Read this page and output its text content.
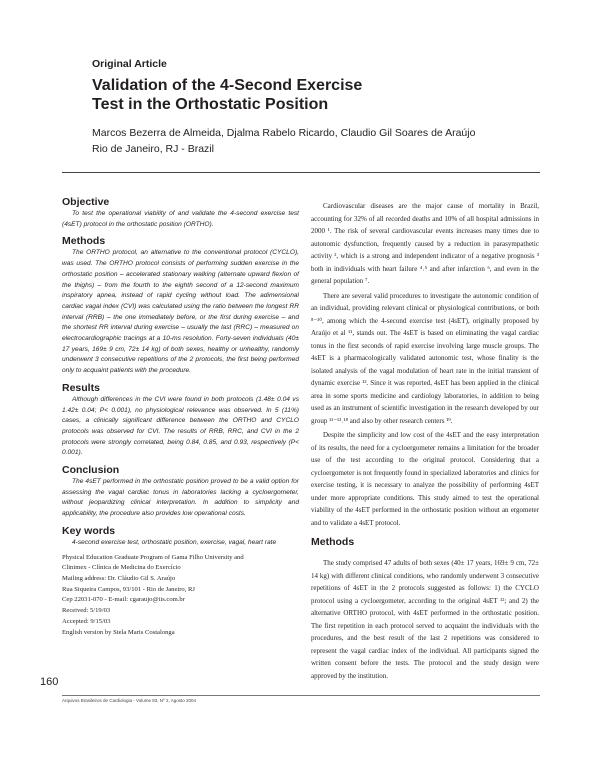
Original Article
Validation of the 4-Second Exercise
Test in the Orthostatic Position
Marcos Bezerra de Almeida, Djalma Rabelo Ricardo, Claudio Gil Soares de Araújo
Rio de Janeiro, RJ - Brazil
Objective

To test the operational viability of and validate the 4-second exercise test (4sET) protocol in the orthostatic position (ORTHO).

Methods

The ORTHO protocol, an alternative to the conventional protocol (CYCLO), was used. The ORTHO protocol consists of performing sudden exercise in the orthostatic position – accelerated stationary walking (alternate upward flexion of the thighs) – from the fourth to the eighth second of a 12-second maximum inspiratory apnea, instead of rapid cycling without load. The adimensional cardiac vagal index (CVI) was calculated using the ratio between the longest RR interval (RRB) – the one immediately before, or the first during exercise – and the shortest RR interval during exercise – usually the last (RRC) – measured on electrocardiographic tracings at a 10-ms resolution. Forty-seven individuals (40± 17 years, 169± 9 cm, 72± 14 kg) of both sexes, healthy or unhealthy, randomly underwent 3 consecutive repetitions of the 2 protocols, the first being performed only to acquaint patients with the procedure.

Results

Although differences in the CVI were found in both protocols (1.48± 0.04 vs 1.42± 0.04; P< 0.001), no physiological relevance was observed. In 5 (11%) cases, a clinically significant difference between the ORTHO and CYCLO protocols was observed for CVI. The results of RRB, RRC, and CVI in the 2 protocols were strongly correlated, being 0.84, 0.85, and 0.93, respectively (P< 0.001).

Conclusion

The 4sET performed in the orthostatic position proved to be a valid option for assessing the vagal cardiac tonus in laboratories lacking a cycloergometer, without jeopardizing clinical interpretation. In addition to simplicity and applicability, the procedure also provides low operational costs.

Key words

4-second exercise test, orthostatic position, exercise, vagal, heart rate

Physical Education Graduate Program of Gama Filho University and
Clinimex - Clínica de Medicina do Exercício
Mailing address: Dr. Cláudio Gil S. Araújo
Rua Siqueira Campos, 93/101 - Rio de Janeiro, RJ
Cep 22031-070 - E-mail: cgaraujo@iis.com.br
Received: 5/19/03
Accepted: 9/15/03
English version by Stela Maris Costalonga

Cardiovascular diseases are the major cause of mortality in Brazil, accounting for 32% of all recorded deaths and 10% of all hospital admissions in 2000 ¹. The risk of several cardiovascular events increases many times due to autonomic dysfunction, frequently caused by a reduction in parasympathetic activity ², which is a strong and independent indicator of a negative prognosis ³ both in individuals with heart failure ⁴˒⁵ and after infarction ⁶, and even in the general population ⁷.

There are several valid procedures to investigate the autonomic condition of an individual, providing relevant clinical or physiological contributions, or both ⁸⁻¹⁰, among which the 4-second exercise test (4sET), originally proposed by Araújo et al ¹¹, stands out. The 4sET is based on eliminating the vagal cardiac tonus in the first seconds of rapid exercise involving large muscle groups. The 4sET is a pharmacologically validated autonomic test, whose finality is the isolated analysis of the vagal modulation of heart rate in the initial transient of dynamic exercise ¹². Since it was reported, 4sET has been applied in the clinical area in some sports medicine and cardiology laboratories, in addition to being used as an instrument of scientific investigation in the research developed by our group ¹¹⁻¹³˒¹⁸ and also by other research centers ¹⁹.

Despite the simplicity and low cost of the 4sET and the easy interpretation of its results, the need for a cycloergometer remains a limitation for the broader use of the test according to the original protocol. Considering that a cycloergometer is not frequently found in specialized laboratories and clinics for exercise testing, it is necessary to analyze the possibility of performing 4sET under more appropriate conditions. This study aimed to test the operational viability of the 4sET performed in the orthostatic position without an ergometer and to validate a 4sET protocol.

Methods

The study comprised 47 adults of both sexes (40± 17 years, 169± 9 cm, 72± 14 kg) with different clinical conditions, who randomly underwent 3 consecutive repetitions of 4sET in the 2 protocols suggested as follows: 1) the CYCLO protocol using a cycloergometer, according to the original 4sET ¹²; and 2) the alternative ORTHO protocol, with 4sET performed in the orthostatic position. The first repetition in each protocol served to acquaint the individuals with the procedures, and the best result of the last 2 repetitions was considered to represent the vagal cardiac index of the individual. All participants signed the written consent before the tests. The protocol and the study design were approved by the institution.

160
Arquivos Brasileiros de Cardiologia - Volume 83, Nº 2, Agosto 2004
